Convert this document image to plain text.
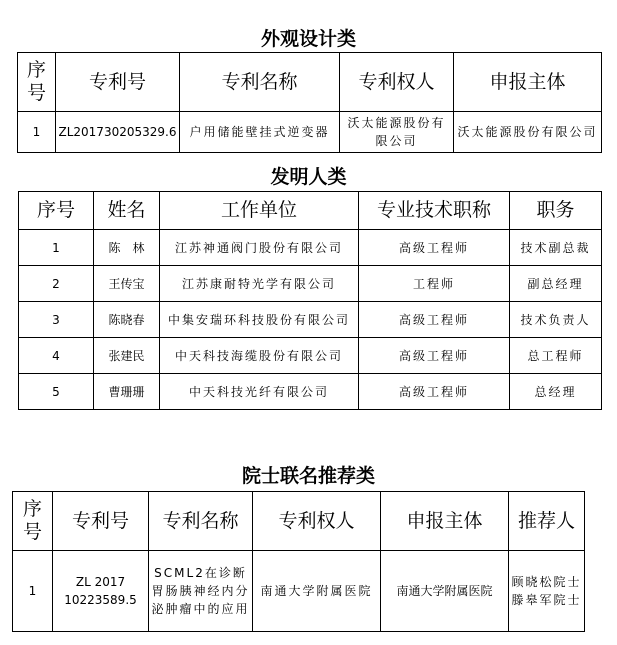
外观设计类
序号	专利号	专利名称	专利权人	申报主体
1	ZL201730205329.6	户用储能壁挂式逆变器	沃太能源股份有限公司	沃太能源股份有限公司
发明人类
序号	姓名	工作单位	专业技术职称	职务
1	陈　林	江苏神通阀门股份有限公司	高级工程师	技术副总裁
2	王传宝	江苏康耐特光学有限公司	工程师	副总经理
3	陈晓春	中集安瑞环科技股份有限公司	高级工程师	技术负责人
4	张建民	中天科技海缆股份有限公司	高级工程师	总工程师
5	曹珊珊	中天科技光纤有限公司	高级工程师	总经理
院士联名推荐类
序号	专利号	专利名称	专利权人	申报主体	推荐人
1	ZL 2017 10223589.5	SCML2在诊断胃肠胰神经内分泌肿瘤中的应用	南通大学附属医院	南通大学附属医院	顾晓松院士　滕皋军院士
